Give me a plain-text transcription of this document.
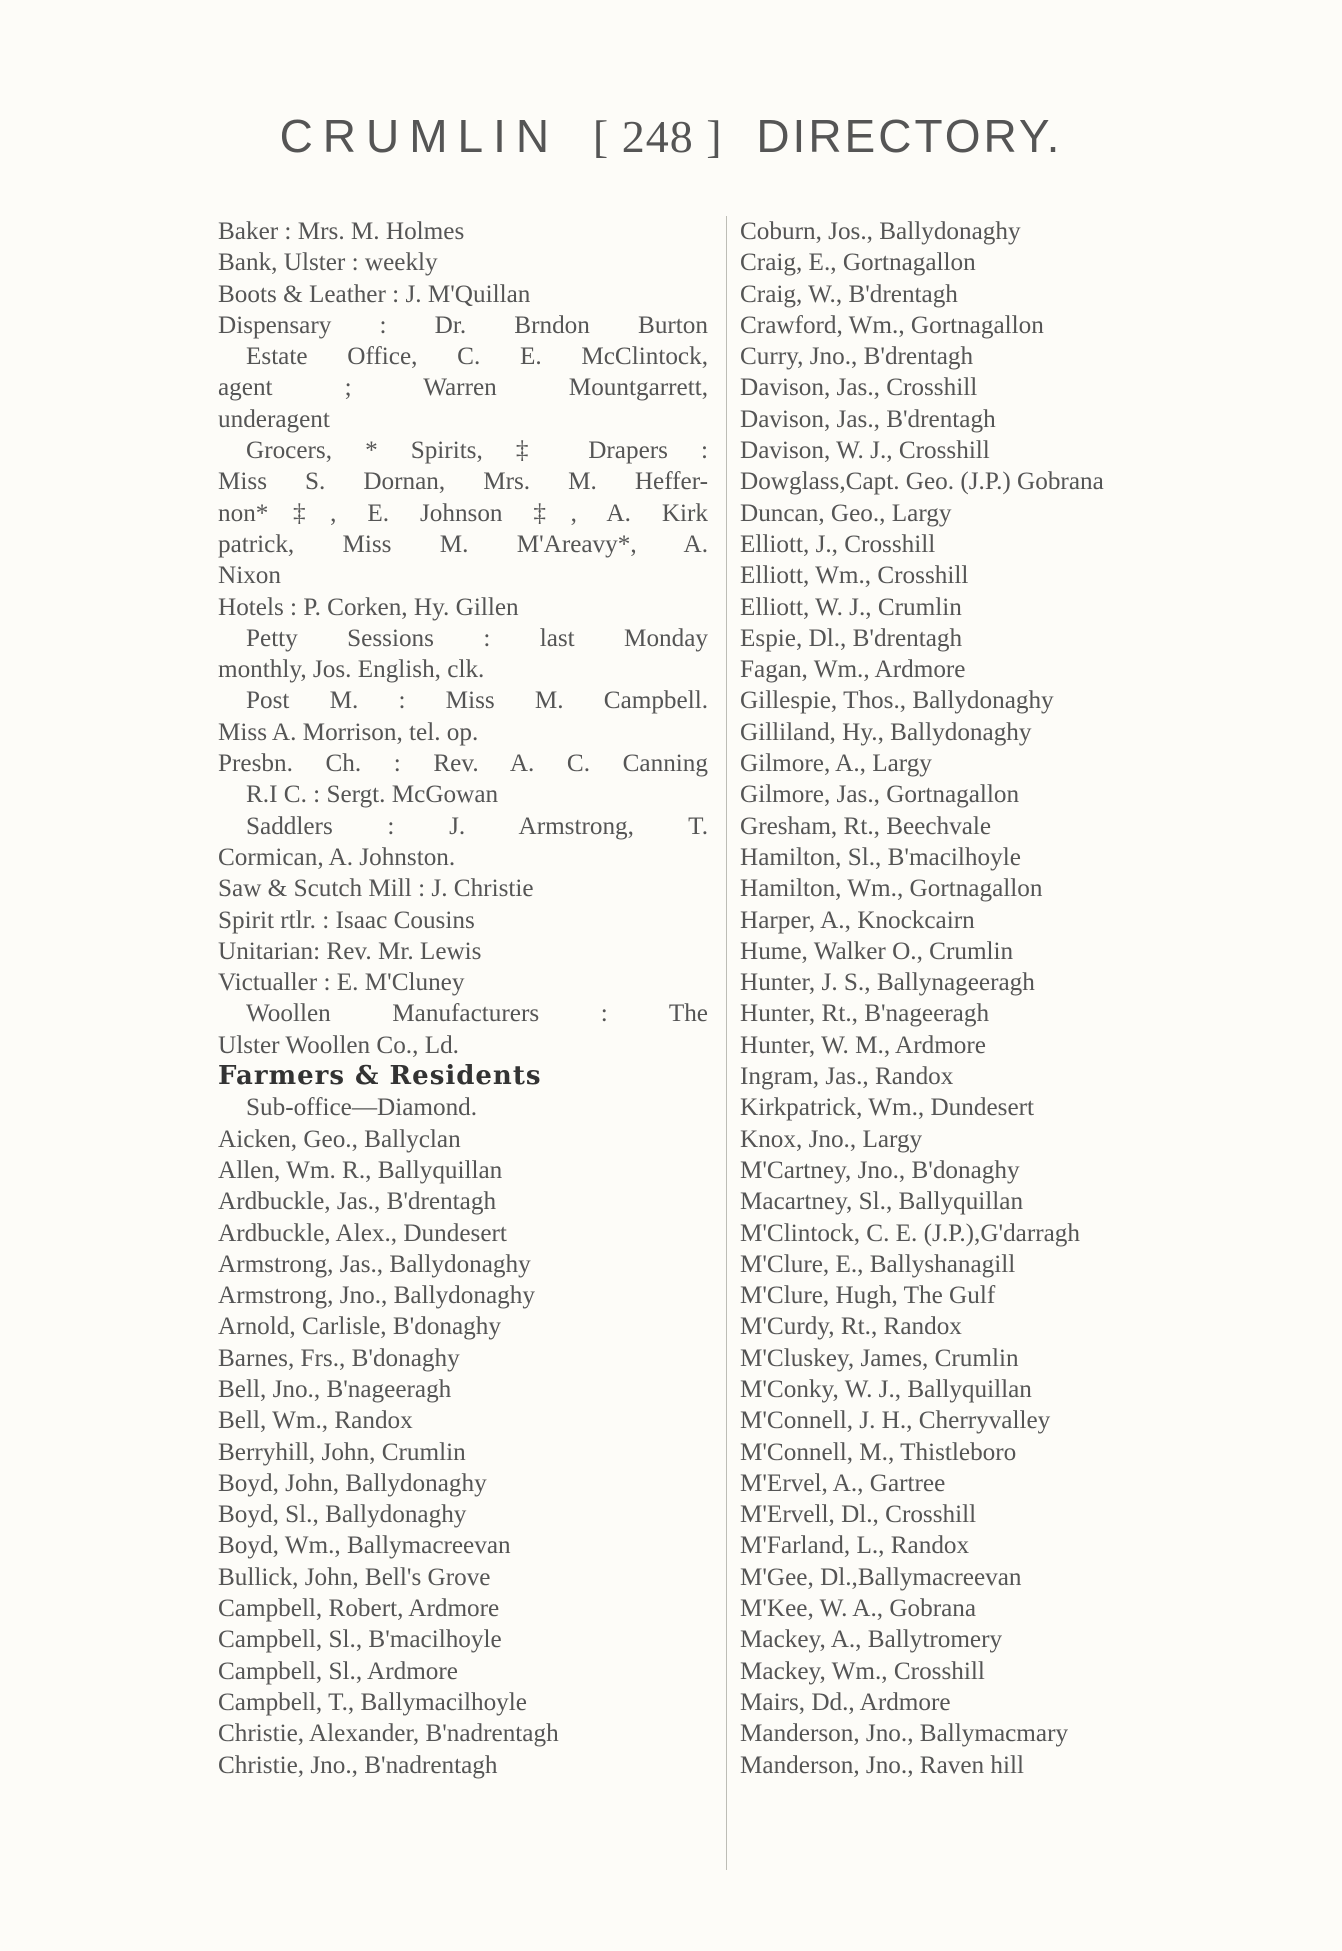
CRUMLIN [ 248 ] DIRECTORY.
Baker : Mrs. M. Holmes
Bank, Ulster : weekly
Boots & Leather : J. M'Quillan
Dispensary : Dr. Brndon Burton
Estate Office, C. E. McClintock,
agent ; Warren Mountgarrett,
underagent
Grocers, * Spirits, ‡ Drapers :
Miss S. Dornan, Mrs. M. Heffer-
non*‡, E. Johnson ‡, A. Kirk
patrick, Miss M. M'Areavy*, A.
Nixon
Hotels : P. Corken, Hy. Gillen
Petty Sessions : last Monday
monthly, Jos. English, clk.
Post M. : Miss M. Campbell.
Miss A. Morrison, tel. op.
Presbn. Ch. : Rev. A. C. Canning
R.I C. : Sergt. McGowan
Saddlers : J. Armstrong, T.
Cormican, A. Johnston.
Saw & Scutch Mill : J. Christie
Spirit rtlr. : Isaac Cousins
Unitarian: Rev. Mr. Lewis
Victualler : E. M'Cluney
Woollen Manufacturers : The
Ulster Woollen Co., Ld.
Farmers & Residents
Sub-office—Diamond.
Aicken, Geo., Ballyclan
Allen, Wm. R., Ballyquillan
Ardbuckle, Jas., B'drentagh
Ardbuckle, Alex., Dundesert
Armstrong, Jas., Ballydonaghy
Armstrong, Jno., Ballydonaghy
Arnold, Carlisle, B'donaghy
Barnes, Frs., B'donaghy
Bell, Jno., B'nageeragh
Bell, Wm., Randox
Berryhill, John, Crumlin
Boyd, John, Ballydonaghy
Boyd, Sl., Ballydonaghy
Boyd, Wm., Ballymacreevan
Bullick, John, Bell's Grove
Campbell, Robert, Ardmore
Campbell, Sl., B'macilhoyle
Campbell, Sl., Ardmore
Campbell, T., Ballymacilhoyle
Christie, Alexander, B'nadrentagh
Christie, Jno., B'nadrentagh
Coburn, Jos., Ballydonaghy
Craig, E., Gortnagallon
Craig, W., B'drentagh
Crawford, Wm., Gortnagallon
Curry, Jno., B'drentagh
Davison, Jas., Crosshill
Davison, Jas., B'drentagh
Davison, W. J., Crosshill
Dowglass,Capt. Geo. (J.P.) Gobrana
Duncan, Geo., Largy
Elliott, J., Crosshill
Elliott, Wm., Crosshill
Elliott, W. J., Crumlin
Espie, Dl., B'drentagh
Fagan, Wm., Ardmore
Gillespie, Thos., Ballydonaghy
Gilliland, Hy., Ballydonaghy
Gilmore, A., Largy
Gilmore, Jas., Gortnagallon
Gresham, Rt., Beechvale
Hamilton, Sl., B'macilhoyle
Hamilton, Wm., Gortnagallon
Harper, A., Knockcairn
Hume, Walker O., Crumlin
Hunter, J. S., Ballynageeragh
Hunter, Rt., B'nageeragh
Hunter, W. M., Ardmore
Ingram, Jas., Randox
Kirkpatrick, Wm., Dundesert
Knox, Jno., Largy
M'Cartney, Jno., B'donaghy
Macartney, Sl., Ballyquillan
M'Clintock, C. E. (J.P.),G'darragh
M'Clure, E., Ballyshanagill
M'Clure, Hugh, The Gulf
M'Curdy, Rt., Randox
M'Cluskey, James, Crumlin
M'Conky, W. J., Ballyquillan
M'Connell, J. H., Cherryvalley
M'Connell, M., Thistleboro
M'Ervel, A., Gartree
M'Ervell, Dl., Crosshill
M'Farland, L., Randox
M'Gee, Dl.,Ballymacreevan
M'Kee, W. A., Gobrana
Mackey, A., Ballytromery
Mackey, Wm., Crosshill
Mairs, Dd., Ardmore
Manderson, Jno., Ballymacmary
Manderson, Jno., Raven hill
